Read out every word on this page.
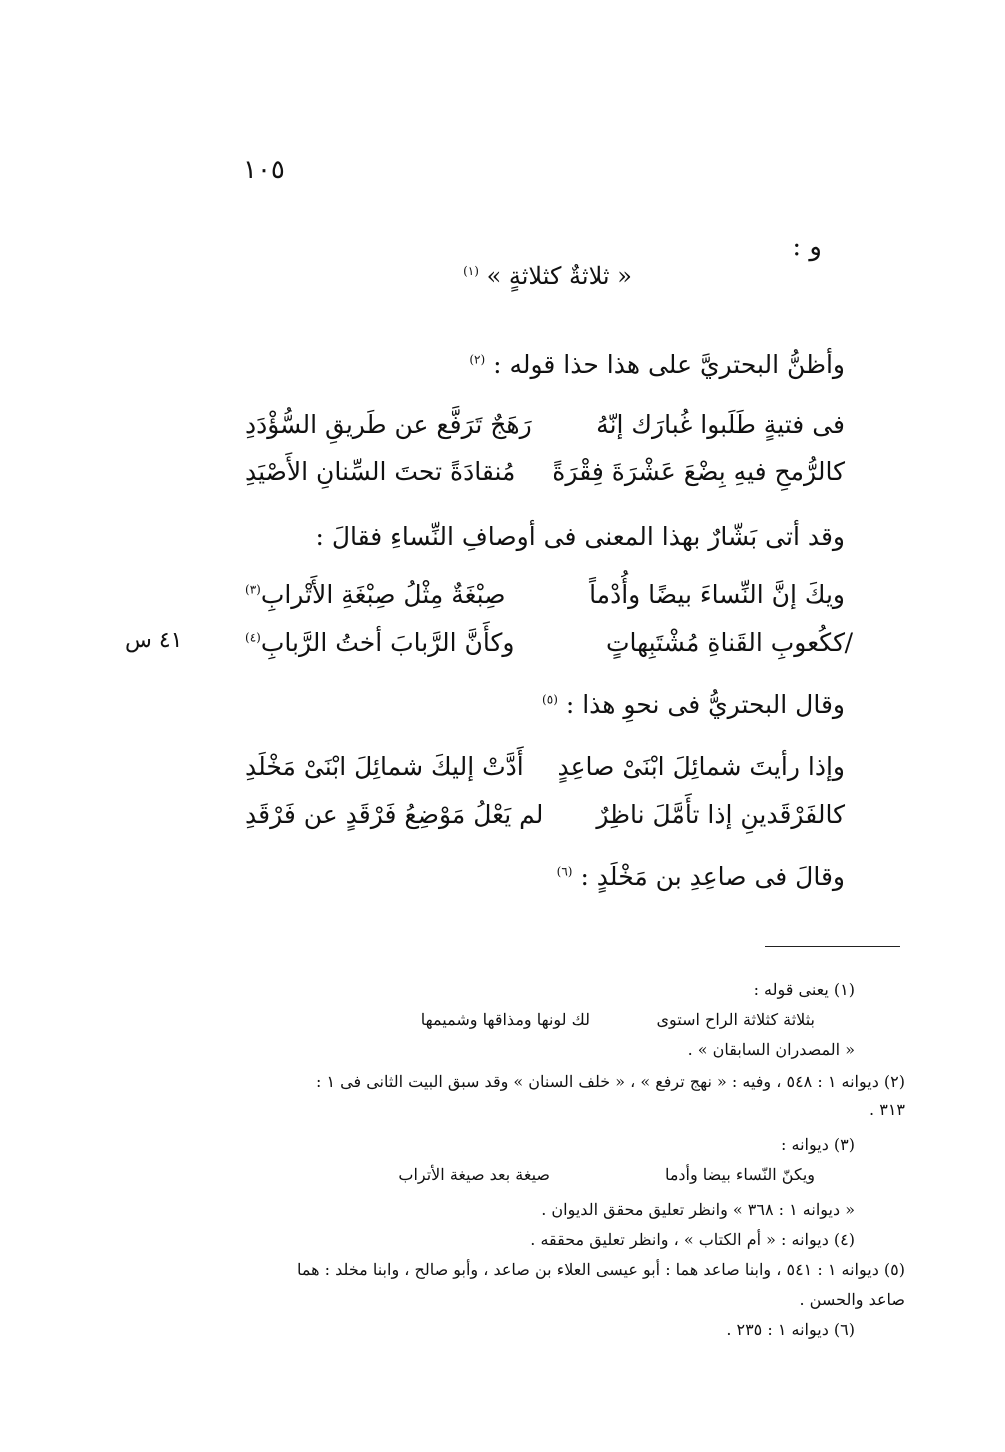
١٠٥
و :
« ثلاثةٌ كثلاثةٍ » $^{(١)}$
وأظنُّ البحتريَّ على هذا حذا قوله : $^{(٢)}$
فى فتيةٍ طَلَبوا غُبارَك إنّهُ
رَهَجٌ تَرَفَّع عن طَريقِ السُّؤْدَدِ
كالرُّمحِ فيهِ بِضْعَ عَشْرَةَ فِقْرَةً
مُنقادَةً تحتَ السِّنانِ الأَصْيَدِ
وقد أتى بَشّارٌ بهذا المعنى فى أوصافِ النِّساءِ فقالَ :
ويكَ إنَّ النِّساءَ بيضًا وأُدْماً
صِبْغَةٌ مِثْلُ صِبْغَةِ الأَتْرابِ$^{(٣)}$
ككُعوبِ القَناةِ مُشْتَبِهاتٍ
وكأَنَّ الرَّبابَ أختُ الرَّبابِ$^{(٤)}$	/
٤١ س
وقال البحتريُّ فى نحوِ هذا : $^{(٥)}$
وإذا رأيتَ شمائِلَ ابْنَىْ صاعِدٍ
أَدَّتْ إليكَ شمائِلَ ابْنَىْ مَخْلَدِ
كالفَرْقَدينِ إذا تأَمَّلَ ناظِرٌ
لم يَعْلُ مَوْضِعُ فَرْقَدٍ عن فَرْقَدِ
وقالَ فى صاعِدِ بن مَخْلَدٍ : $^{(٦)}$
(١) يعنى قوله :
بثلاثة كثلاثة الراح استوى
لك لونها ومذاقها وشميمها
« المصدران السابقان » .
(٢) ديوانه ١ : ٥٤٨ ، وفيه : « نهج ترفع » ، « خلف السنان » وقد سبق البيت الثانى فى ١ :
٣١٣ .
(٣) ديوانه :
ويكنّ النّساء بيضا وأدما
صيغة بعد صيغة الأتراب
« ديوانه ١ : ٣٦٨ » وانظر تعليق محقق الديوان .
(٤) ديوانه : « أم الكتاب » ، وانظر تعليق محققه .
(٥) ديوانه ١ : ٥٤١ ، وابنا صاعد هما : أبو عيسى العلاء بن صاعد ، وأبو صالح ، وابنا مخلد : هما
صاعد والحسن .
(٦) ديوانه ١ : ٢٣٥ .
